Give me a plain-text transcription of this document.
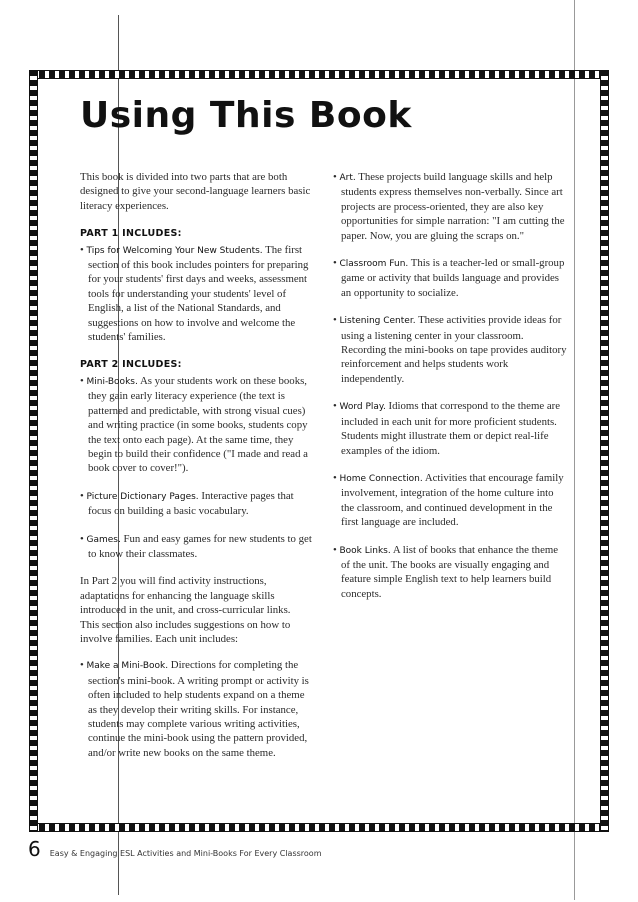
Using This Book

This book is divided into two parts that are both designed to give your second-language learners basic literacy experiences.

PART 1 INCLUDES:
• Tips for Welcoming Your New Students. The first section of this book includes pointers for preparing for your students' first days and weeks, assessment tools for understanding your students' level of English, a list of the National Standards, and suggestions on how to involve and welcome the students' families.
PART 2 INCLUDES:
• Mini-Books. As your students work on these books, they gain early literacy experience (the text is patterned and predictable, with strong visual cues) and writing practice (in some books, students copy the text onto each page). At the same time, they begin to build their confidence ("I made and read a book cover to cover!").
• Picture Dictionary Pages. Interactive pages that focus on building a basic vocabulary.
• Games. Fun and easy games for new students to get to know their classmates.

In Part 2 you will find activity instructions, adaptations for enhancing the language skills introduced in the unit, and cross-curricular links. This section also includes suggestions on how to involve families. Each unit includes:

• Make a Mini-Book. Directions for completing the section's mini-book. A writing prompt or activity is often included to help students expand on a theme as they develop their writing skills. For instance, students may complete various writing activities, continue the mini-book using the pattern provided, and/or write new books on the same theme.
• Art. These projects build language skills and help students express themselves non-verbally. Since art projects are process-oriented, they are also key opportunities for simple narration: "I am cutting the paper. Now, you are gluing the scraps on."
• Classroom Fun. This is a teacher-led or small-group game or activity that builds language and provides an opportunity to socialize.
• Listening Center. These activities provide ideas for using a listening center in your classroom. Recording the mini-books on tape provides auditory reinforcement and helps students work independently.
• Word Play. Idioms that correspond to the theme are included in each unit for more proficient students. Students might illustrate them or depict real-life examples of the idiom.
• Home Connection. Activities that encourage family involvement, integration of the home culture into the classroom, and continued development in the first language are included.
• Book Links. A list of books that enhance the theme of the unit. The books are visually engaging and feature simple English text to help learners build concepts.
6 Easy & Engaging ESL Activities and Mini-Books For Every Classroom
